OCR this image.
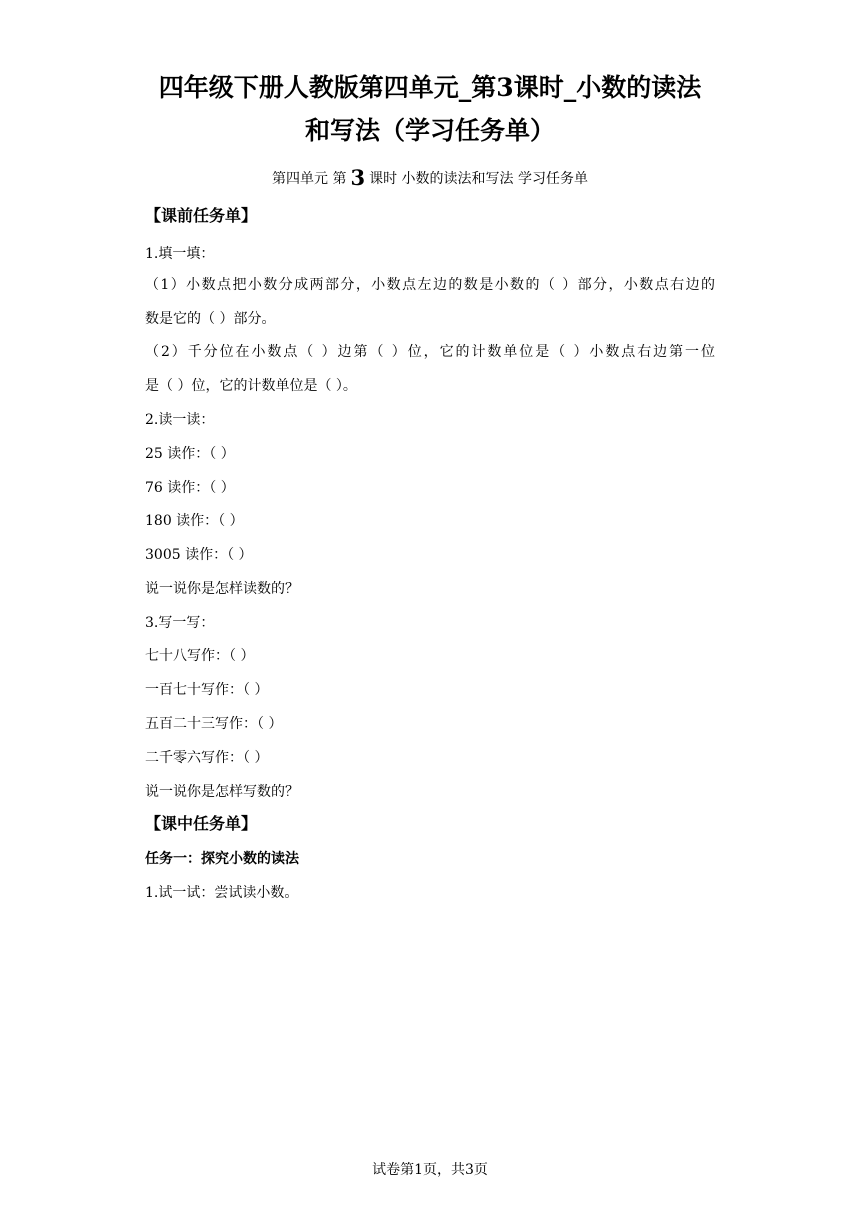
四年级下册人教版第四单元_第3课时_小数的读法
和写法（学习任务单）
第四单元 第 3 课时 小数的读法和写法 学习任务单
【课前任务单】
1.填一填：
（1）小数点把小数分成两部分，小数点左边的数是小数的（ ）部分，小数点右边的
数是它的（ ）部分。
（2）千分位在小数点（ ）边第（ ）位，它的计数单位是（ ）小数点右边第一位
是（ ）位，它的计数单位是（ ）。
2.读一读：
25 读作：（ ）
76 读作：（ ）
180 读作：（ ）
3005 读作：（ ）
说一说你是怎样读数的？
3.写一写：
七十八写作：（ ）
一百七十写作：（ ）
五百二十三写作：（ ）
二千零六写作：（ ）
说一说你是怎样写数的？
【课中任务单】
任务一：探究小数的读法
1.试一试：尝试读小数。
试卷第1页，共3页
